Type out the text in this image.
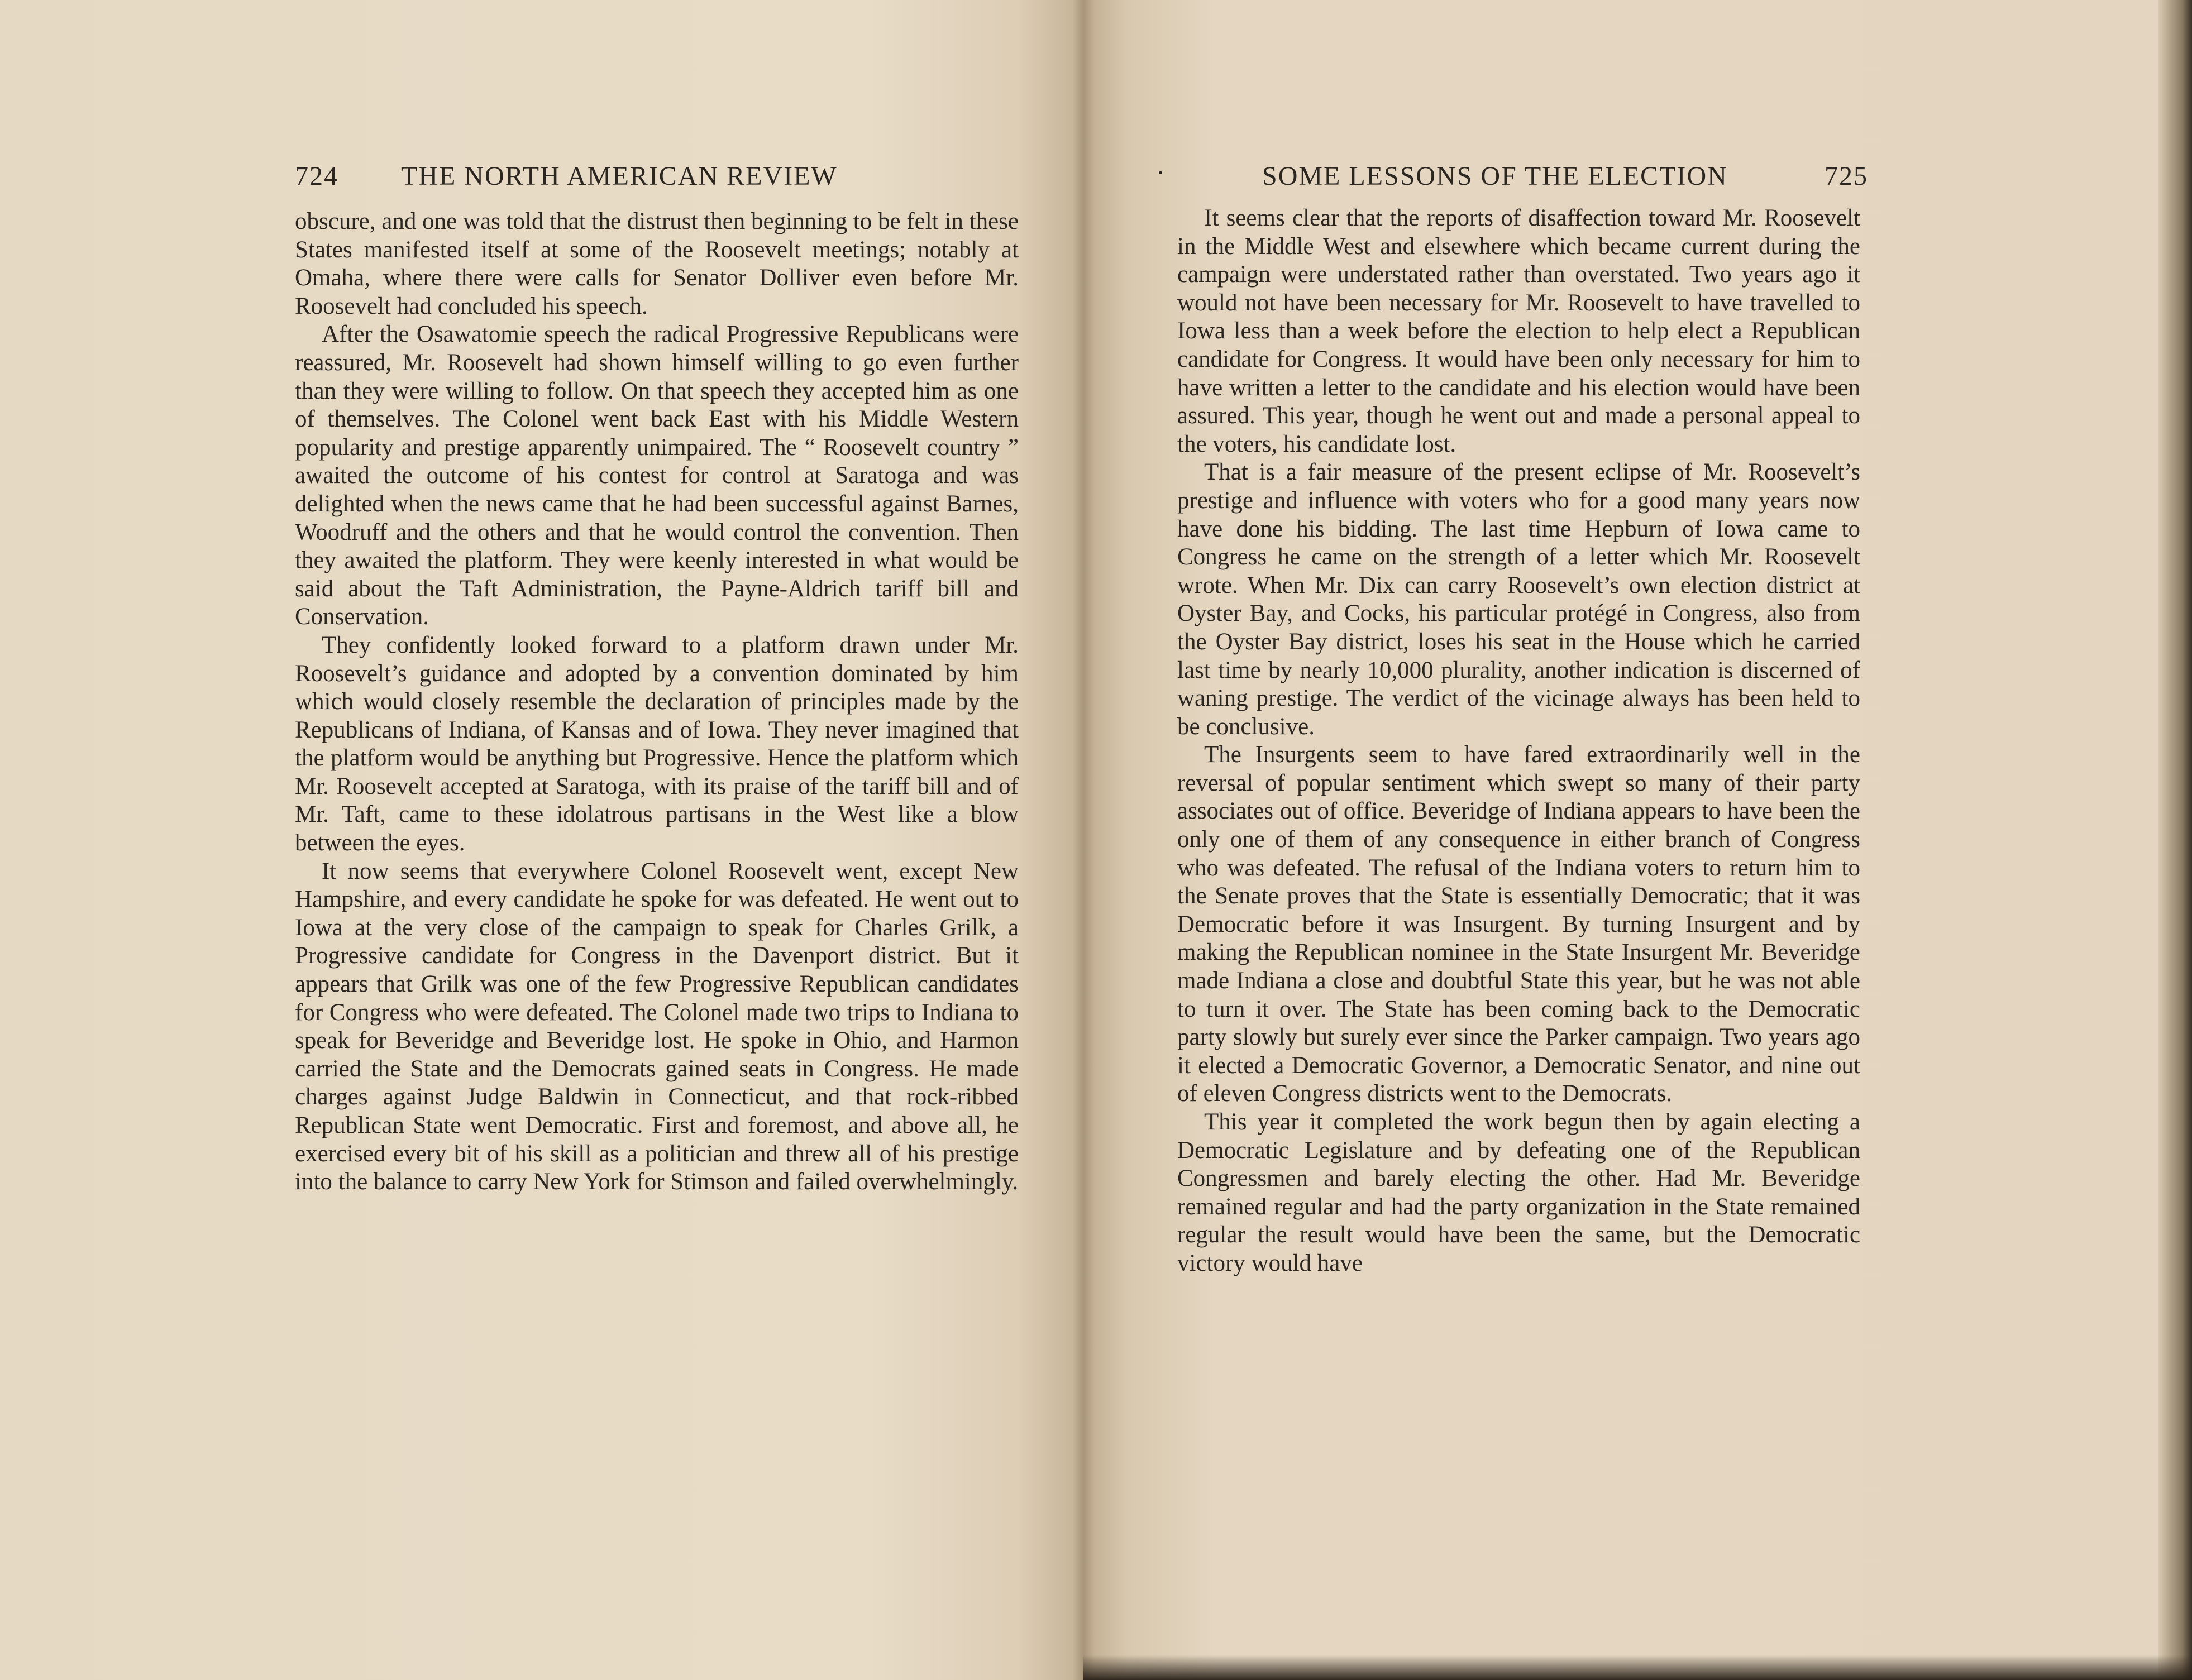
724 THE NORTH AMERICAN REVIEW

obscure, and one was told that the distrust then beginning to be felt in these States manifested itself at some of the Roosevelt meetings; notably at Omaha, where there were calls for Senator Dolliver even before Mr. Roosevelt had concluded his speech.

After the Osawatomie speech the radical Progressive Republicans were reassured, Mr. Roosevelt had shown himself willing to go even further than they were willing to follow. On that speech they accepted him as one of themselves. The Colonel went back East with his Middle Western popularity and prestige apparently unimpaired. The “ Roosevelt country ” awaited the outcome of his contest for control at Saratoga and was delighted when the news came that he had been successful against Barnes, Woodruff and the others and that he would control the convention. Then they awaited the platform. They were keenly interested in what would be said about the Taft Administration, the Payne-Aldrich tariff bill and Conservation.

They confidently looked forward to a platform drawn under Mr. Roosevelt’s guidance and adopted by a convention dominated by him which would closely resemble the declaration of principles made by the Republicans of Indiana, of Kansas and of Iowa. They never imagined that the platform would be anything but Progressive. Hence the platform which Mr. Roosevelt accepted at Saratoga, with its praise of the tariff bill and of Mr. Taft, came to these idolatrous partisans in the West like a blow between the eyes.

It now seems that everywhere Colonel Roosevelt went, except New Hampshire, and every candidate he spoke for was defeated. He went out to Iowa at the very close of the campaign to speak for Charles Grilk, a Progressive candidate for Congress in the Davenport district. But it appears that Grilk was one of the few Progressive Republican candidates for Congress who were defeated. The Colonel made two trips to Indiana to speak for Beveridge and Beveridge lost. He spoke in Ohio, and Harmon carried the State and the Democrats gained seats in Congress. He made charges against Judge Baldwin in Connecticut, and that rock-ribbed Republican State went Democratic. First and foremost, and above all, he exercised every bit of his skill as a politician and threw all of his prestige into the balance to carry New York for Stimson and failed overwhelmingly.

·	SOME LESSONS OF THE ELECTION	725

It seems clear that the reports of disaffection toward Mr. Roosevelt in the Middle West and elsewhere which became current during the campaign were understated rather than overstated. Two years ago it would not have been necessary for Mr. Roosevelt to have travelled to Iowa less than a week before the election to help elect a Republican candidate for Congress. It would have been only necessary for him to have written a letter to the candidate and his election would have been assured. This year, though he went out and made a personal appeal to the voters, his candidate lost.

That is a fair measure of the present eclipse of Mr. Roosevelt’s prestige and influence with voters who for a good many years now have done his bidding. The last time Hepburn of Iowa came to Congress he came on the strength of a letter which Mr. Roosevelt wrote. When Mr. Dix can carry Roosevelt’s own election district at Oyster Bay, and Cocks, his particular protégé in Congress, also from the Oyster Bay district, loses his seat in the House which he carried last time by nearly 10,000 plurality, another indication is discerned of waning prestige. The verdict of the vicinage always has been held to be conclusive.

The Insurgents seem to have fared extraordinarily well in the reversal of popular sentiment which swept so many of their party associates out of office. Beveridge of Indiana appears to have been the only one of them of any consequence in either branch of Congress who was defeated. The refusal of the Indiana voters to return him to the Senate proves that the State is essentially Democratic; that it was Democratic before it was Insurgent. By turning Insurgent and by making the Republican nominee in the State Insurgent Mr. Beveridge made Indiana a close and doubtful State this year, but he was not able to turn it over. The State has been coming back to the Democratic party slowly but surely ever since the Parker campaign. Two years ago it elected a Democratic Governor, a Democratic Senator, and nine out of eleven Congress districts went to the Democrats.

This year it completed the work begun then by again electing a Democratic Legislature and by defeating one of the Republican Congressmen and barely electing the other. Had Mr. Beveridge remained regular and had the party organization in the State remained regular the result would have been the same, but the Democratic victory would have
